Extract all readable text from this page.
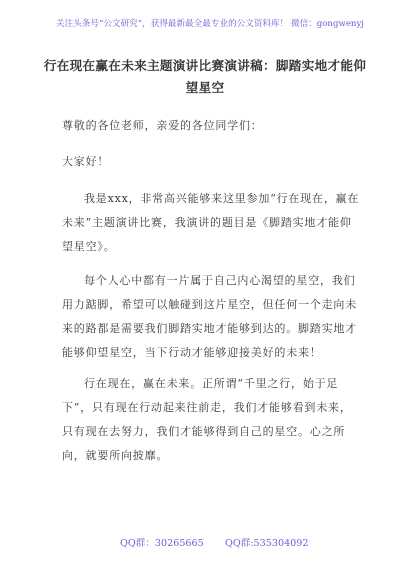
关注头条号“公文研究”，获得最新最全最专业的公文资料库！ 微信：gongwenyj
行在现在赢在未来主题演讲比赛演讲稿：脚踏实地才能仰望星空
尊敬的各位老师，亲爱的各位同学们：
大家好！
我是xxx，非常高兴能够来这里参加“行在现在，赢在未来”主题演讲比赛，我演讲的题目是《脚踏实地才能仰望星空》。
每个人心中都有一片属于自己内心渴望的星空，我们用力踮脚，希望可以触碰到这片星空，但任何一个走向未来的路都是需要我们脚踏实地才能够到达的。脚踏实地才能够仰望星空，当下行动才能够迎接美好的未来！
行在现在，赢在未来。正所谓“千里之行，始于足下”，只有现在行动起来往前走，我们才能够看到未来，只有现在去努力，我们才能够得到自己的星空。心之所向，就要所向披靡。
QQ群：30265665 QQ群:535304092
